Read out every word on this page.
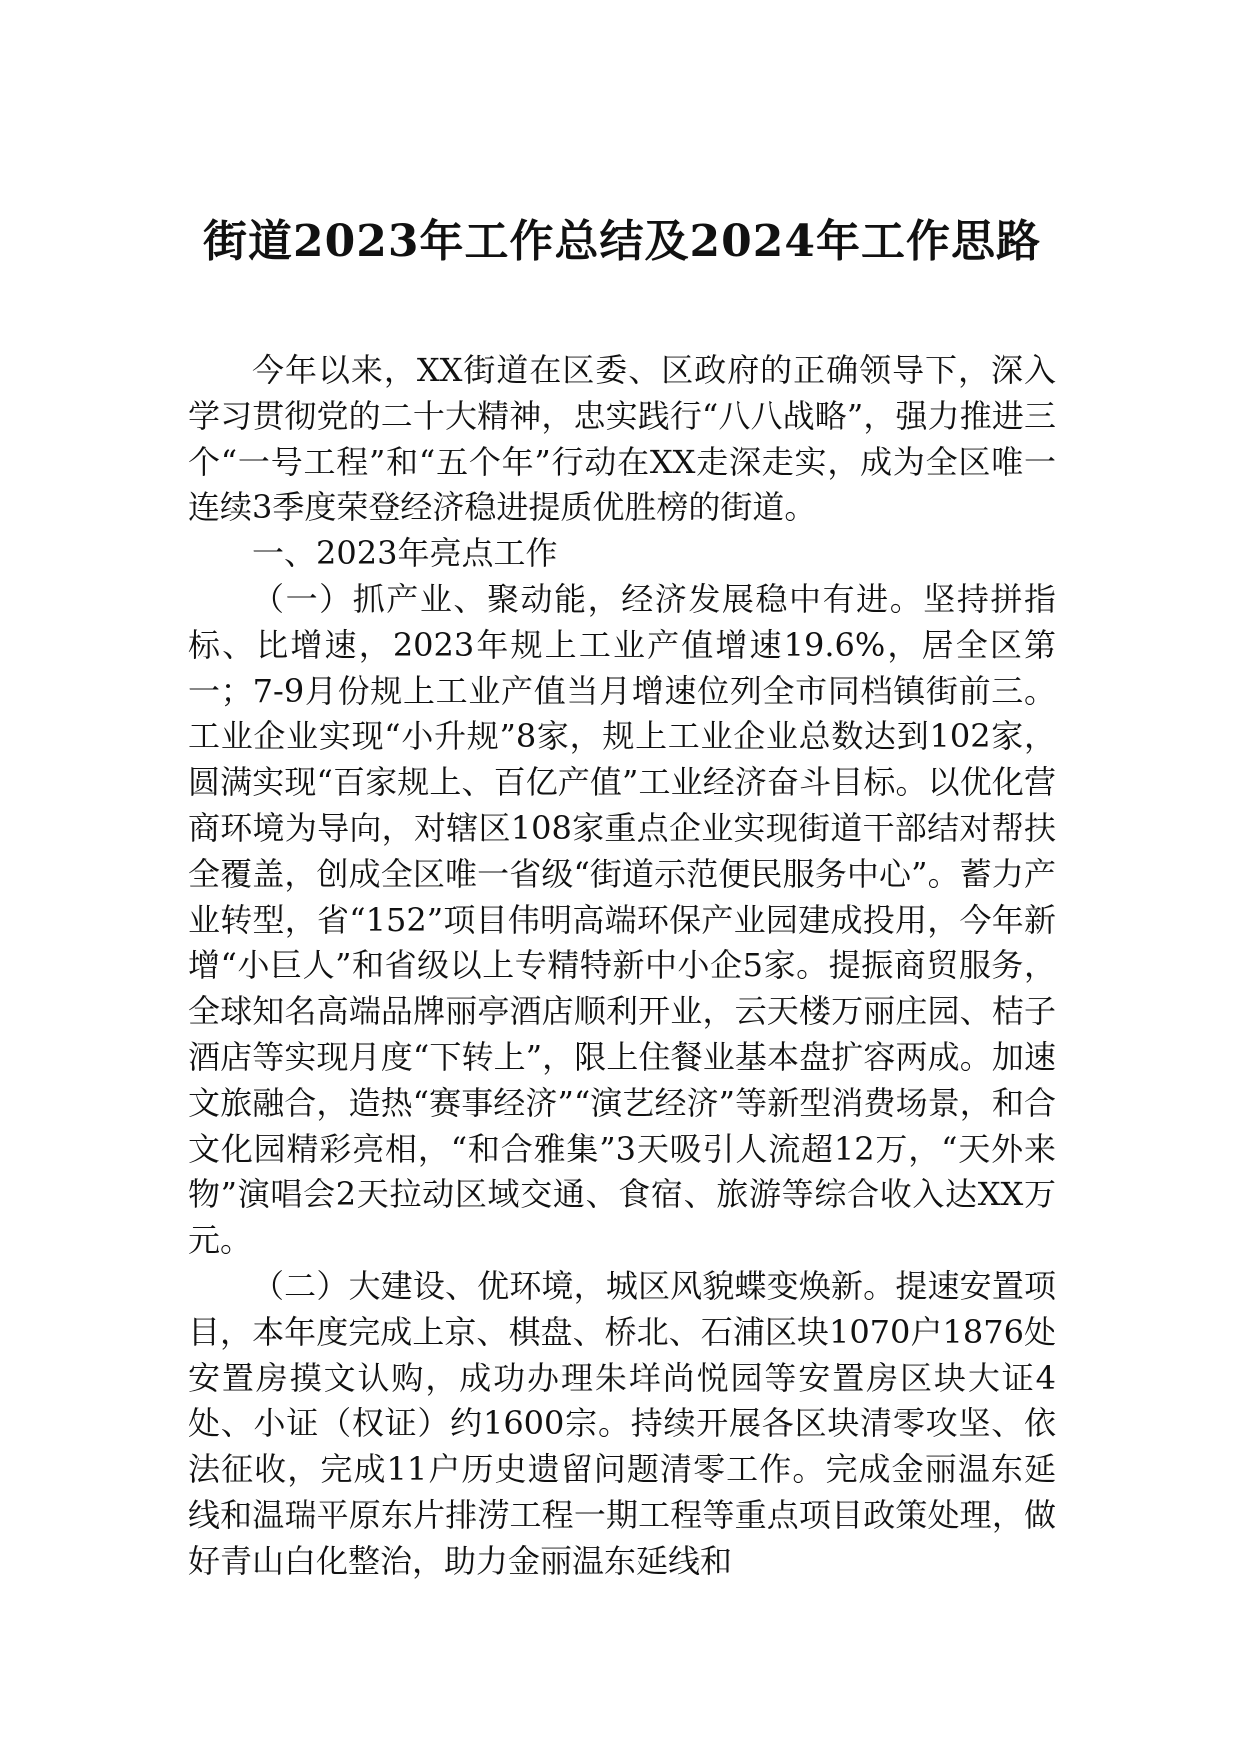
街道2023年工作总结及2024年工作思路

今年以来，XX街道在区委、区政府的正确领导下，深入学习贯彻党的二十大精神，忠实践行“八八战略”，强力推进三个“一号工程”和“五个年”行动在XX走深走实，成为全区唯一连续3季度荣登经济稳进提质优胜榜的街道。

一、2023年亮点工作

（一）抓产业、聚动能，经济发展稳中有进。坚持拼指标、比增速，2023年规上工业产值增速19.6%，居全区第一；7-9月份规上工业产值当月增速位列全市同档镇街前三。工业企业实现“小升规”8家，规上工业企业总数达到102家，圆满实现“百家规上、百亿产值”工业经济奋斗目标。以优化营商环境为导向，对辖区108家重点企业实现街道干部结对帮扶全覆盖，创成全区唯一省级“街道示范便民服务中心”。蓄力产业转型，省“152”项目伟明高端环保产业园建成投用，今年新增“小巨人”和省级以上专精特新中小企5家。提振商贸服务，全球知名高端品牌丽亭酒店顺利开业，云天楼万丽庄园、桔子酒店等实现月度“下转上”，限上住餐业基本盘扩容两成。加速文旅融合，造热“赛事经济”“演艺经济”等新型消费场景，和合文化园精彩亮相，“和合雅集”3天吸引人流超12万，“天外来物”演唱会2天拉动区域交通、食宿、旅游等综合收入达XX万元。

（二）大建设、优环境，城区风貌蝶变焕新。提速安置项目，本年度完成上京、棋盘、桥北、石浦区块1070户1876处安置房摸文认购，成功办理朱垟尚悦园等安置房区块大证4处、小证（权证）约1600宗。持续开展各区块清零攻坚、依法征收，完成11户历史遗留问题清零工作。完成金丽温东延线和温瑞平原东片排涝工程一期工程等重点项目政策处理，做好青山白化整治，助力金丽温东延线和
